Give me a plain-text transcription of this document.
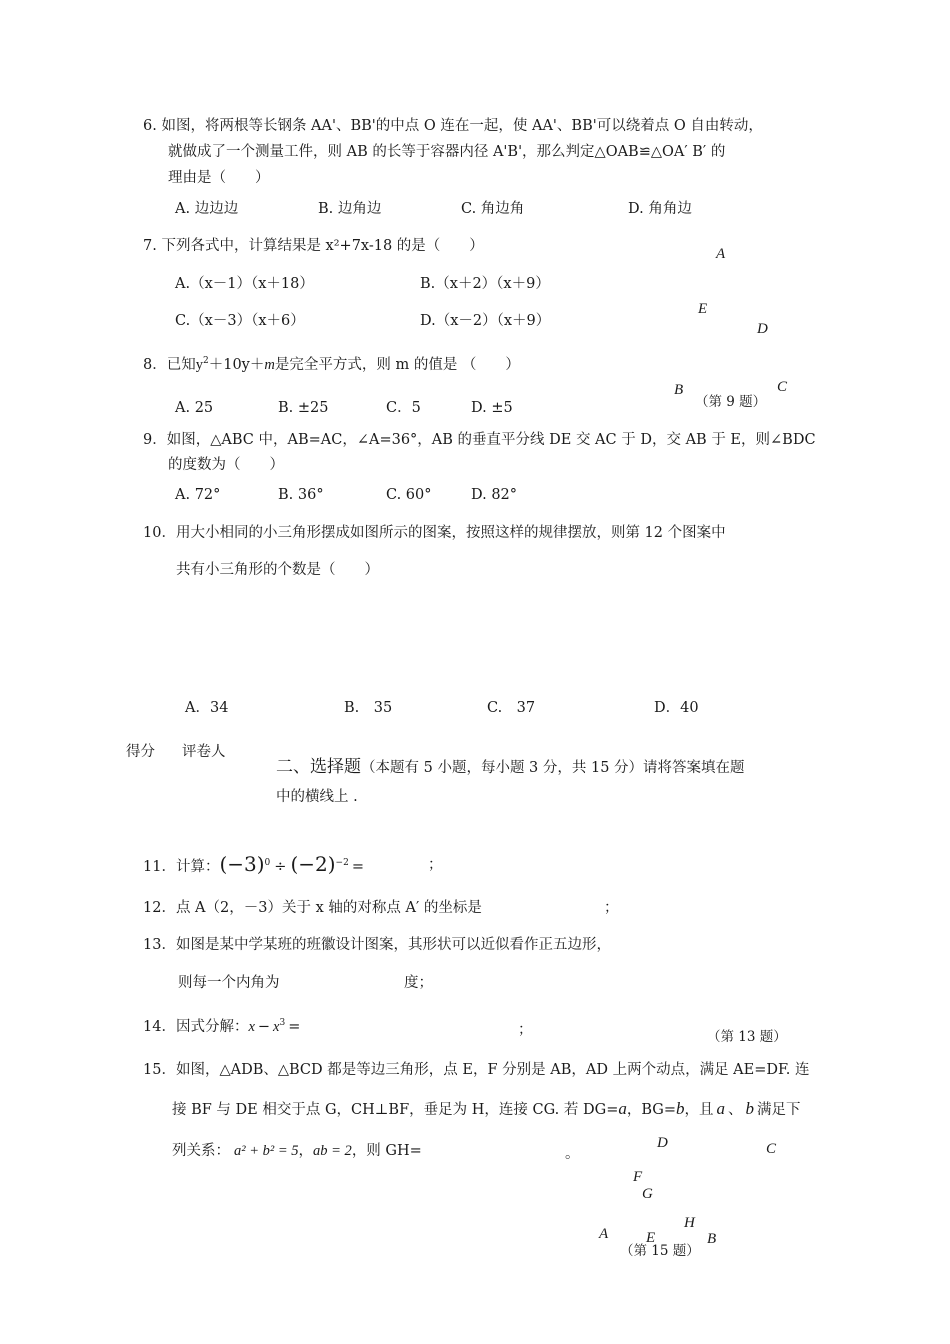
6. 如图，将两根等长钢条 AA'、BB'的中点 O 连在一起，使 AA'、BB'可以绕着点 O 自由转动，
就做成了一个测量工件，则 AB 的长等于容器内径 A'B'，那么判定△OAB≌△OA′ B′ 的
理由是（　　）
A. 边边边	B. 边角边	C. 角边角	D. 角角边
7. 下列各式中，计算结果是 x²+7x-18 的是（　　）
A.（x－1）（x＋18）	B.（x＋2）（x＋9）
C.（x－3）（x＋6）	D.（x－2）（x＋9）
A
E
D
B	C
（第 9 题）
8．已知$y^2+10y+m$是完全平方式，则 m 的值是 （　　）
A. 25	B. ±25	C．5	D. ±5
9．如图，△ABC 中，AB=AC，∠A=36°，AB 的垂直平分线 DE 交 AC 于 D，交 AB 于 E，则∠BDC
的度数为（　　）
A. 72°	B. 36°	C. 60°	D. 82°
10．用大小相同的小三角形摆成如图所示的图案，按照这样的规律摆放，则第 12 个图案中
共有小三角形的个数是（　　）
A．34	B.　35	C.　37	D．40
得分 评卷人
二、选择题（本题有 5 小题，每小题 3 分，共 15 分）请将答案填在题
中的横线上 .
11．计算：$(-3)^0 \div (-2)^{-2}$ =	；
12．点 A（2，－3）关于 x 轴的对称点 A′ 的坐标是	；
13．如图是某中学某班的班徽设计图案，其形状可以近似看作正五边形，
则每一个内角为	度；
14．因式分解：$x - x^3$ =	；	（第 13 题）
15．如图，△ADB、△BCD 都是等边三角形，点 E，F 分别是 AB，AD 上两个动点，满足 AE=DF. 连
接 BF 与 DE 相交于点 G，CH⊥BF，垂足为 H，连接 CG. 若 DG=a，BG=b，且 a 、 b 满足下
列关系： a² + b² = 5，ab = 2，则 GH=	。
D	C
F
G
H
A	E	B
（第 15 题）
